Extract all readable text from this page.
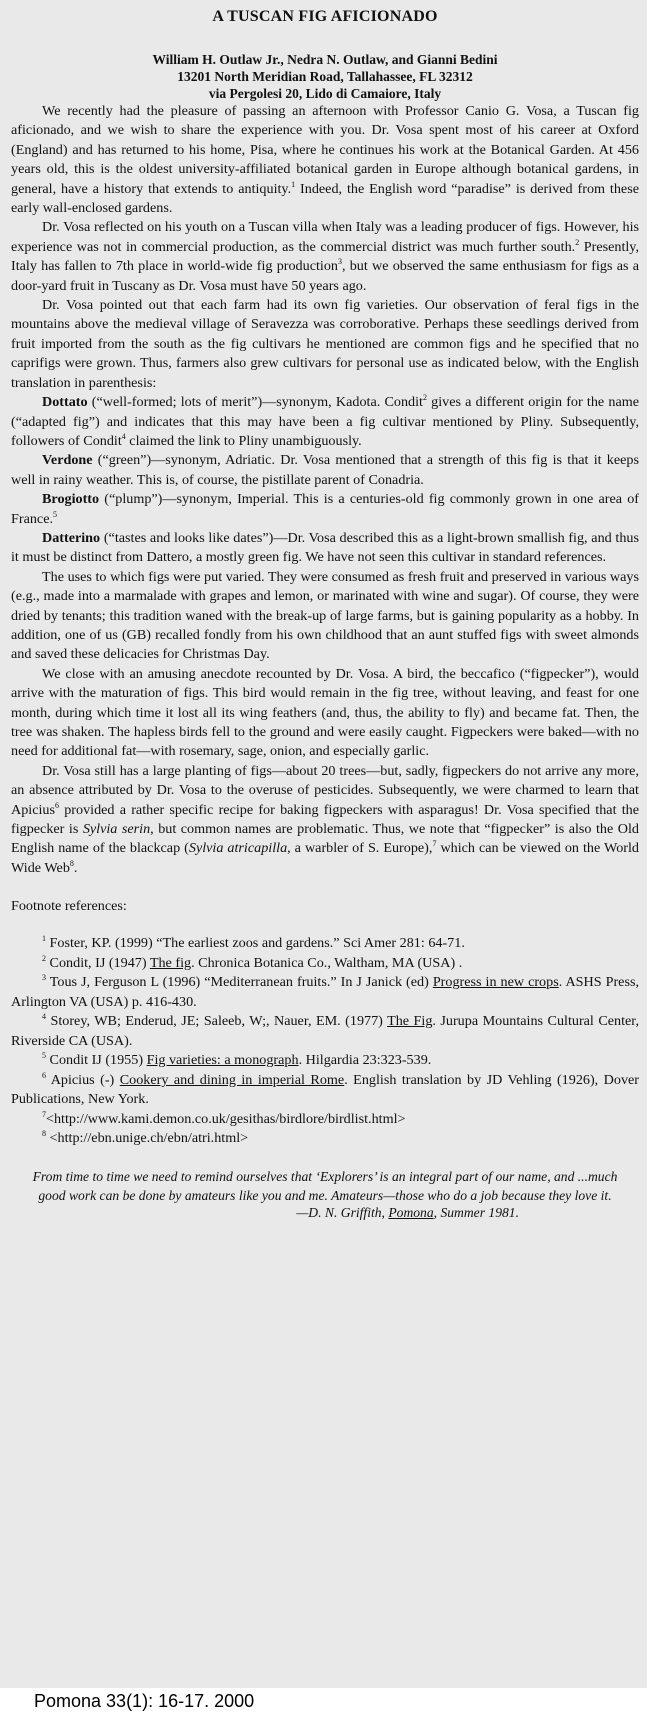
A TUSCAN FIG AFICIONADO
William H. Outlaw Jr., Nedra N. Outlaw, and Gianni Bedini
13201 North Meridian Road, Tallahassee, FL 32312
via Pergolesi 20, Lido di Camaiore, Italy

We recently had the pleasure of passing an afternoon with Professor Canio G. Vosa, a Tuscan fig aficionado, and we wish to share the experience with you. Dr. Vosa spent most of his career at Oxford (England) and has returned to his home, Pisa, where he continues his work at the Botanical Garden. At 456 years old, this is the oldest university-affiliated botanical garden in Europe although botanical gardens, in general, have a history that extends to antiquity.$^1$ Indeed, the English word “paradise” is derived from these early wall-enclosed gardens.

Dr. Vosa reflected on his youth on a Tuscan villa when Italy was a leading producer of figs. However, his experience was not in commercial production, as the commercial district was much further south.$^2$ Presently, Italy has fallen to 7th place in world-wide fig production$^3$, but we observed the same enthusiasm for figs as a door-yard fruit in Tuscany as Dr. Vosa must have 50 years ago.

Dr. Vosa pointed out that each farm had its own fig varieties. Our observation of feral figs in the mountains above the medieval village of Seravezza was corroborative. Perhaps these seedlings derived from fruit imported from the south as the fig cultivars he mentioned are common figs and he specified that no caprifigs were grown. Thus, farmers also grew cultivars for personal use as indicated below, with the English translation in parenthesis:

Dottato (“well-formed; lots of merit”)—synonym, Kadota. Condit$^2$ gives a different origin for the name (“adapted fig”) and indicates that this may have been a fig cultivar mentioned by Pliny. Subsequently, followers of Condit$^4$ claimed the link to Pliny unambiguously.

Verdone (“green”)—synonym, Adriatic. Dr. Vosa mentioned that a strength of this fig is that it keeps well in rainy weather. This is, of course, the pistillate parent of Conadria.

Brogiotto (“plump”)—synonym, Imperial. This is a centuries-old fig commonly grown in one area of France.$^5$

Datterino (“tastes and looks like dates”)—Dr. Vosa described this as a light-brown smallish fig, and thus it must be distinct from Dattero, a mostly green fig. We have not seen this cultivar in standard references.

The uses to which figs were put varied. They were consumed as fresh fruit and preserved in various ways (e.g., made into a marmalade with grapes and lemon, or marinated with wine and sugar). Of course, they were dried by tenants; this tradition waned with the break-up of large farms, but is gaining popularity as a hobby. In addition, one of us (GB) recalled fondly from his own childhood that an aunt stuffed figs with sweet almonds and saved these delicacies for Christmas Day.

We close with an amusing anecdote recounted by Dr. Vosa. A bird, the beccafico (“figpecker”), would arrive with the maturation of figs. This bird would remain in the fig tree, without leaving, and feast for one month, during which time it lost all its wing feathers (and, thus, the ability to fly) and became fat. Then, the tree was shaken. The hapless birds fell to the ground and were easily caught. Figpeckers were baked—with no need for additional fat—with rosemary, sage, onion, and especially garlic.

Dr. Vosa still has a large planting of figs—about 20 trees—but, sadly, figpeckers do not arrive any more, an absence attributed by Dr. Vosa to the overuse of pesticides. Subsequently, we were charmed to learn that Apicius$^6$ provided a rather specific recipe for baking figpeckers with asparagus! Dr. Vosa specified that the figpecker is Sylvia serin, but common names are problematic. Thus, we note that “figpecker” is also the Old English name of the blackcap (Sylvia atricapilla, a warbler of S. Europe),$^7$ which can be viewed on the World Wide Web$^8$.

Footnote references:

$^1$ Foster, KP. (1999) “The earliest zoos and gardens.” Sci Amer 281: 64-71.

$^2$ Condit, IJ (1947) The fig. Chronica Botanica Co., Waltham, MA (USA) .

$^3$ Tous J, Ferguson L (1996) “Mediterranean fruits.” In J Janick (ed) Progress in new crops. ASHS Press, Arlington VA (USA) p. 416-430.

$^4$ Storey, WB; Enderud, JE; Saleeb, W;, Nauer, EM. (1977) The Fig. Jurupa Mountains Cultural Center, Riverside CA (USA).

$^5$ Condit IJ (1955) Fig varieties: a monograph. Hilgardia 23:323-539.

$^6$ Apicius (-) Cookery and dining in imperial Rome. English translation by JD Vehling (1926), Dover Publications, New York.

$^7$<http://www.kami.demon.co.uk/gesithas/birdlore/birdlist.html>

$^8$ <http://ebn.unige.ch/ebn/atri.html>

From time to time we need to remind ourselves that ‘Explorers’ is an integral part of our name, and ...much good work can be done by amateurs like you and me. Amateurs—those who do a job because they love it.
—D. N. Griffith, Pomona, Summer 1981.
Pomona 33(1): 16-17. 2000
